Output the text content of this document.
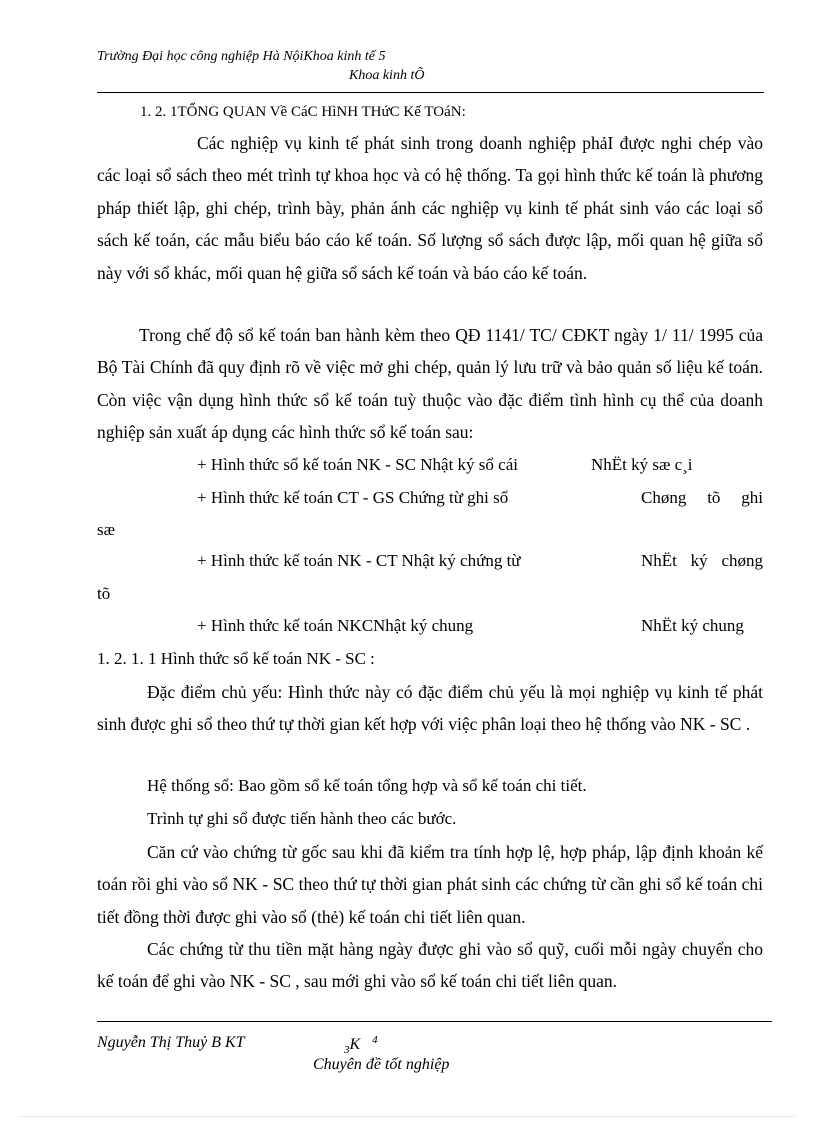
Trường Đại học công nghiệp Hà NộiKhoa kinh tế 5
Khoa kinh tÕ
1. 2. 1TỔNG QUAN Về CáC HìNH THứC Kế TOáN:
Các nghiệp vụ kinh tế phát sinh trong doanh nghiệp phảI được nghi chép vào các loại sổ sách theo mét trình tự khoa học và có hệ thống. Ta gọi hình thức kế toán là phương pháp thiết lập, ghi chép, trình bày, phản ánh các nghiệp vụ kinh tế phát sinh váo các loại sổ sách kế toán, các mẫu biểu báo cáo kế toán. Số lượng sổ sách được lập, mối quan hệ giữa sổ này với sổ khác, mối quan hệ giữa sổ sách kế toán và báo cáo kế toán.
Trong chế độ sổ kế toán ban hành kèm theo QĐ 1141/ TC/ CĐKT ngày 1/ 11/ 1995 của Bộ Tài Chính đã quy định rõ về việc mở ghi chép, quản lý lưu trữ và bảo quản số liệu kế toán. Còn việc vận dụng hình thức sổ kế toán tuỳ thuộc vào đặc điểm tình hình cụ thể của doanh nghiệp sản xuất áp dụng các hình thức sổ kế toán sau:
+ Hình thức sổ kế toán NK - SC Nhật ký sổ cái	NhËt ký sæ c¸i
+ Hình thức kế toán CT - GS Chứng từ ghi sổ	Chøng tõ ghi
sæ
+ Hình thức kế toán NK - CT Nhật ký chứng từ	NhËt ký chøng
tõ
+ Hình thức kế toán NKCNhật ký chung	NhËt ký chung
1. 2. 1. 1 Hình thức sổ kế toán NK - SC :
Đặc điểm chủ yếu: Hình thức này có đặc điểm chủ yếu là mọi nghiệp vụ kinh tế phát sinh được ghi sổ theo thứ tự thời gian kết hợp với việc phân loại theo hệ thống vào NK - SC .
Hệ thống sổ: Bao gồm sổ kế toán tổng hợp và sổ kế toán chi tiết.
Trình tự ghi sổ được tiến hành theo các bước.
Căn cứ vào chứng từ gốc sau khi đã kiểm tra tính hợp lệ, hợp pháp, lập định khoản kế toán rồi ghi vào sổ NK - SC theo thứ tự thời gian phát sinh các chứng từ cần ghi sổ kế toán chi tiết đồng thời được ghi vào sổ (thẻ) kế toán chi tiết liên quan.
Các chứng từ thu tiền mặt hàng ngày được ghi vào sổ quỹ, cuối mỗi ngày chuyển cho kế toán để ghi vào NK - SC , sau mới ghi vào sổ kế toán chi tiết liên quan.
Nguyễn Thị Thuỷ B KT	$_3$K $^4$
Chuyên đề tốt nghiệp
